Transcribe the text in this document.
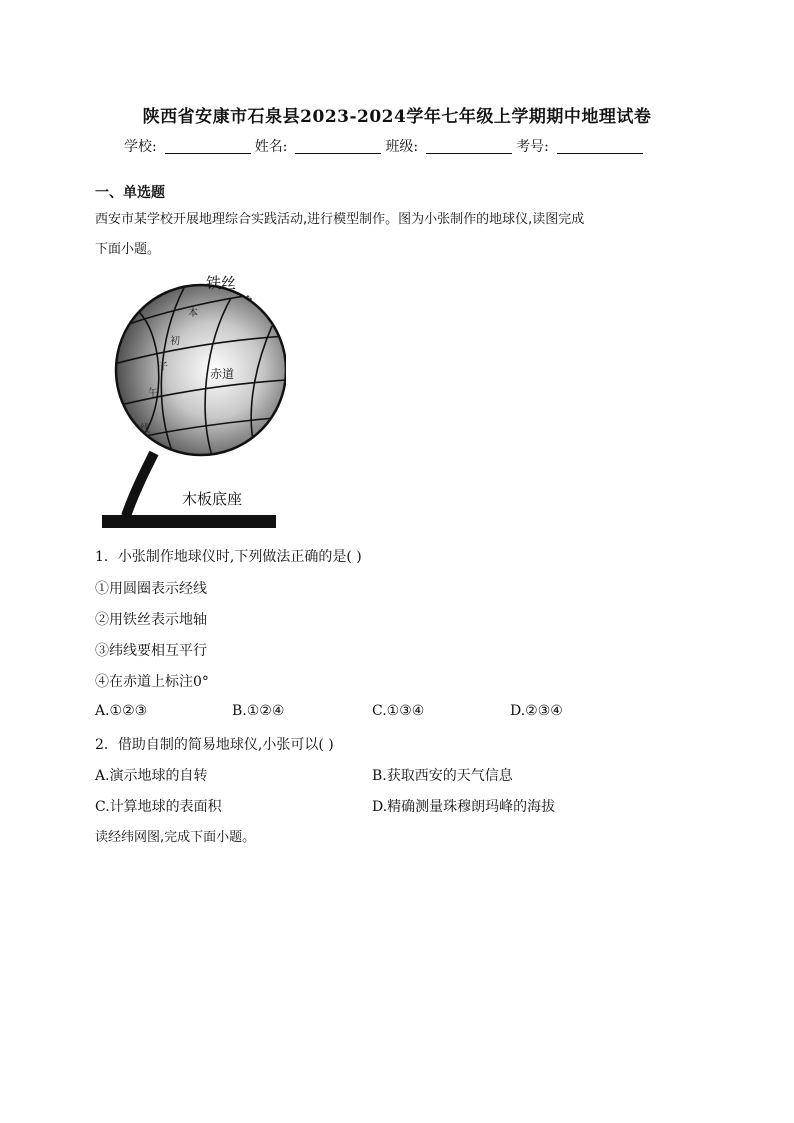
陕西省安康市石泉县2023-2024学年七年级上学期期中地理试卷
学校:	姓名:	班级:	考号:
一、单选题
西安市某学校开展地理综合实践活动,进行模型制作。图为小张制作的地球仪,读图完成
下面小题。
铁丝
赤道
本
初
子
午
线
木板底座
1．小张制作地球仪时,下列做法正确的是( )
①用圆圈表示经线
②用铁丝表示地轴
③纬线要相互平行
④在赤道上标注0°
A.①②③	B.①②④	C.①③④	D.②③④
2．借助自制的简易地球仪,小张可以( )
A.演示地球的自转	B.获取西安的天气信息
C.计算地球的表面积	D.精确测量珠穆朗玛峰的海拔
读经纬网图,完成下面小题。
